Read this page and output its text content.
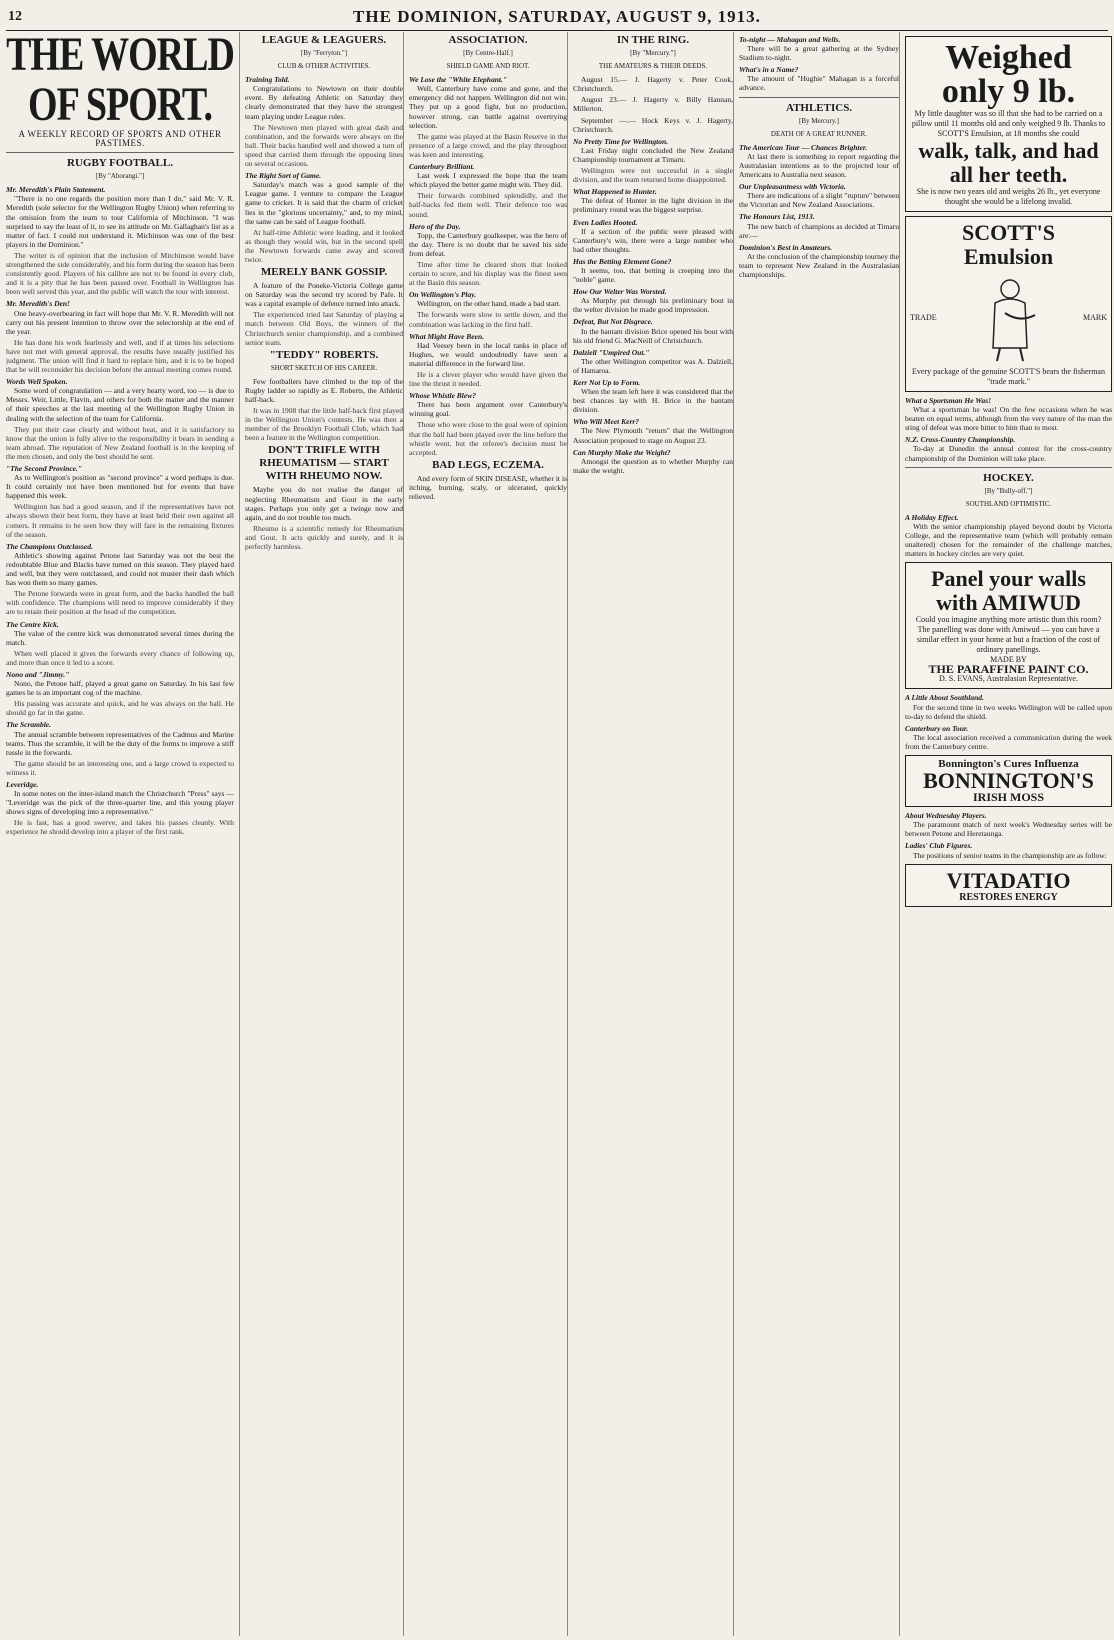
12	THE DOMINION, SATURDAY, AUGUST 9, 1913.
THE WORLD OF SPORT.
A WEEKLY RECORD OF SPORTS AND OTHER PASTIMES.
RUGBY FOOTBALL.
[By "Ahorangi."]
Mr. Meredith's Plain Statement.

"There is no one regards the position more than I do," said Mr. V. R. Meredith (sole selector for the Wellington Rugby Union) when referring to the omission from the team to tour California of Mitchinson. "I was surprised to say the least of it, to see its attitude on Mr. Gallaghan's list as a matter of fact. I could not understand it. Michinson was one of the best players in the Dominion."

The writer is of opinion that the inclusion of Mitchinson would have strengthened the side considerably, and his form during the season has been consistently good. Players of his calibre are not to be found in every club, and it is a pity that he has been passed over. Football in Wellington has been well served this year, and the public will watch the tour with interest.

Mr. Meredith's Den!

One heavy-overbearing in fact will hope that Mr. V. R. Meredith will not carry out his present intention to throw over the selectorship at the end of the year.

He has done his work fearlessly and well, and if at times his selections have not met with general approval, the results have usually justified his judgment. The union will find it hard to replace him, and it is to be hoped that he will reconsider his decision before the annual meeting comes round.

Words Well Spoken.

Some word of congratulation — and a very hearty word, too — is due to Messrs. Weir, Little, Flavin, and others for both the matter and the manner of their speeches at the last meeting of the Wellington Rugby Union in dealing with the selection of the team for California.

They put their case clearly and without heat, and it is satisfactory to know that the union is fully alive to the responsibility it bears in sending a team abroad. The reputation of New Zealand football is in the keeping of the men chosen, and only the best should be sent.

"The Second Province."

As to Wellington's position as "second province" a word perhaps is due. It could certainly not have been mentioned but for events that have happened this week.

Wellington has had a good season, and if the representatives have not always shown their best form, they have at least held their own against all comers. It remains to be seen how they will fare in the remaining fixtures of the season.

The Champions Outclassed.

Athletic's showing against Petone last Saturday was not the best the redoubtable Blue and Blacks have turned on this season. They played hard and well, but they were outclassed, and could not muster their dash which has won them so many games.

The Petone forwards were in great form, and the backs handled the ball with confidence. The champions will need to improve considerably if they are to retain their position at the head of the competition.

The Centre Kick.

The value of the centre kick was demonstrated several times during the match.

When well placed it gives the forwards every chance of following up, and more than once it led to a score.

Nono and "Jimmy."

Nono, the Petone half, played a great game on Saturday. In his last few games he is an important cog of the machine.

His passing was accurate and quick, and he was always on the ball. He should go far in the game.

The Scramble.

The annual scramble between representatives of the Cadmus and Marine teams. Thus the scramble, it will be the duty of the forms to improve a stiff tussle in the forwards.

The game should be an interesting one, and a large crowd is expected to witness it.

Leveridge.

In some notes on the inter-island match the Christchurch "Press" says — "Leveridge was the pick of the three-quarter line, and this young player shows signs of developing into a representative."

He is fast, has a good swerve, and takes his passes cleanly. With experience he should develop into a player of the first rank.

LEAGUE & LEAGUERS.
[By "Ferryton."]
CLUB & OTHER ACTIVITIES.
Training Told.

Congratulations to Newtown on their double event. By defeating Athletic on Saturday they clearly demonstrated that they have the strongest team playing under League rules.

The Newtown men played with great dash and combination, and the forwards were always on the ball. Their backs handled well and showed a turn of speed that carried them through the opposing lines on several occasions.

The Right Sort of Game.

Saturday's match was a good sample of the League game. I venture to compare the League game to cricket. It is said that the charm of cricket lies in the "glorious uncertainty," and, to my mind, the same can be said of League football.

At half-time Athletic were leading, and it looked as though they would win, but in the second spell the Newtown forwards came away and scored twice.

MERELY BANK GOSSIP.

A feature of the Poneke-Victoria College game on Saturday was the second try scored by Pafe. It was a capital example of defence turned into attack.

The experienced tried last Saturday of playing a match between Old Boys, the winners of the Christchurch senior championship, and a combined senior team.

"TEDDY" ROBERTS.
SHORT SKETCH OF HIS CAREER.

Few footballers have climbed to the top of the Rugby ladder so rapidly as E. Roberts, the Athletic half-back.

It was in 1908 that the little half-back first played in the Wellington Union's contests. He was then a member of the Brooklyn Football Club, which had been a feature in the Wellington competition.

DON'T TRIFLE WITH RHEUMATISM — START WITH RHEUMO NOW.

Maybe you do not realise the danger of neglecting Rheumatism and Gout in the early stages. Perhaps you only get a twinge now and again, and do not trouble too much.

Rheumo is a scientific remedy for Rheumatism and Gout. It acts quickly and surely, and it is perfectly harmless.

ASSOCIATION.
[By Centre-Half.]
SHIELD GAME AND RIOT.
We Lose the "White Elephant."

Well, Canterbury have come and gone, and the emergency did not happen. Wellington did not win. They put up a good fight, but no production, however strong, can battle against overtrying selection.

The game was played at the Basin Reserve in the presence of a large crowd, and the play throughout was keen and interesting.

Canterbury Brilliant.

Last week I expressed the hope that the team which played the better game might win. They did.

Their forwards combined splendidly, and the half-backs fed them well. Their defence too was sound.

Hero of the Day.

Topp, the Canterbury goalkeeper, was the hero of the day. There is no doubt that he saved his side from defeat.

Time after time he cleared shots that looked certain to score, and his display was the finest seen at the Basin this season.

On Wellington's Play.

Wellington, on the other hand, made a bad start.

The forwards were slow to settle down, and the combination was lacking in the first half.

What Might Have Been.

Had Veesey been in the local ranks in place of Hughes, we would undoubtedly have seen a material difference in the forward line.

He is a clever player who would have given the line the thrust it needed.

Whose Whistle Blew?

There has been argument over Canterbury's winning goal.

Those who were close to the goal were of opinion that the ball had been played over the line before the whistle went, but the referee's decision must be accepted.

BAD LEGS, ECZEMA.

And every form of SKIN DISEASE, whether it is itching, burning, scaly, or ulcerated, quickly relieved.

IN THE RING.
[By "Mercury."]
THE AMATEURS & THEIR DEEDS.

August 15.— J. Hagerty v. Peter Cook, Christchurch.

August 23.— J. Hagerty v. Billy Hannan, Millerton.

September —.— Hock Keys v. J. Hagerty, Christchurch.

No Pretty Time for Wellington.

Last Friday night concluded the New Zealand Championship tournament at Timaru.

Wellington were not successful in a single division, and the team returned home disappointed.

What Happened to Hunter.

The defeat of Hunter in the light division in the preliminary round was the biggest surprise.

Even Ladies Hooted.

If a section of the public were pleased with Canterbury's win, there were a large number who had other thoughts.

Has the Betting Element Gone?

It seems, too, that betting is creeping into the "noble" game.

How Our Welter Was Worsted.

As Murphy put through his preliminary bout in the welter division he made good impression.

Defeat, But Not Disgrace.

In the bantam division Brice opened his bout with his old friend G. MacNeill of Christchurch.

Dalziell "Umpired Out."

The other Wellington competitor was A. Dalziell, of Hamaroa.

Kerr Not Up to Form.

When the team left here it was considered that the best chances lay with H. Brice in the bantam division.

Who Will Meet Kerr?

The New Plymouth "return" that the Wellington Association proposed to stage on August 23.

Can Murphy Make the Weight?

Amongst the question as to whether Murphy can make the weight.

To-night — Mahagan and Wells.

There will be a great gathering at the Sydney Stadium to-night.

What's in a Name?

The amount of "Hughie" Mahagan is a forceful advance.

ATHLETICS.
[By Mercury.]
DEATH OF A GREAT RUNNER.
The American Tour — Chances Brighter.

At last there is something to report regarding the Australasian intentions as to the projected tour of Americans to Australia next season.

Our Unpleasantness with Victoria.

There are indications of a slight "rupture" between the Victorian and New Zealand Associations.

The Honours List, 1913.

The new batch of champions as decided at Timaru are:—

Dominion's Best in Amateurs.

At the conclusion of the championship tourney the team to represent New Zealand in the Australasian championships.

Weighed
only 9 lb.
My little daughter was so ill that she had to be carried on a pillow until 11 months old and only weighed 9 lb. Thanks to SCOTT'S Emulsion, at 18 months she could
walk, talk, and had all her teeth.
She is now two years old and weighs 26 lb., yet everyone thought she would be a lifelong invalid.
SCOTT'S
Emulsion
TRADE	MARK
Every package of the genuine SCOTT'S bears the fisherman "trade mark."
What a Sportsman He Was!

What a sportsman he was! On the few occasions when he was beaten on equal terms, although from the very nature of the man the sting of defeat was more bitter to him than to most.

N.Z. Cross-Country Championship.

To-day at Dunedin the annual contest for the cross-country championship of the Dominion will take place.

HOCKEY.
[By "Bully-off."]
SOUTHLAND OPTIMISTIC.
A Holiday Effect.

With the senior championship played beyond doubt by Victoria College, and the representative team (which will probably remain unaltered) chosen for the remainder of the challenge matches, matters in hockey circles are very quiet.

Panel your walls with AMIWUD
Could you imagine anything more artistic than this room? The panelling was done with Amiwud — you can have a similar effect in your home at but a fraction of the cost of ordinary panellings.
MADE BY
THE PARAFFINE PAINT CO.
D. S. EVANS, Australasian Representative.
A Little About Southland.

For the second time in two weeks Wellington will be called upon to-day to defend the shield.

Canterbury on Tour.

The local association received a communication during the week from the Canterbury centre.

Bonnington's Cures Influenza
BONNINGTON'S
IRISH MOSS
About Wednesday Players.

The paramount match of next week's Wednesday series will be between Petone and Heretaunga.

Ladies' Club Figures.

The positions of senior teams in the championship are as follow:

VITADATIO
RESTORES ENERGY
